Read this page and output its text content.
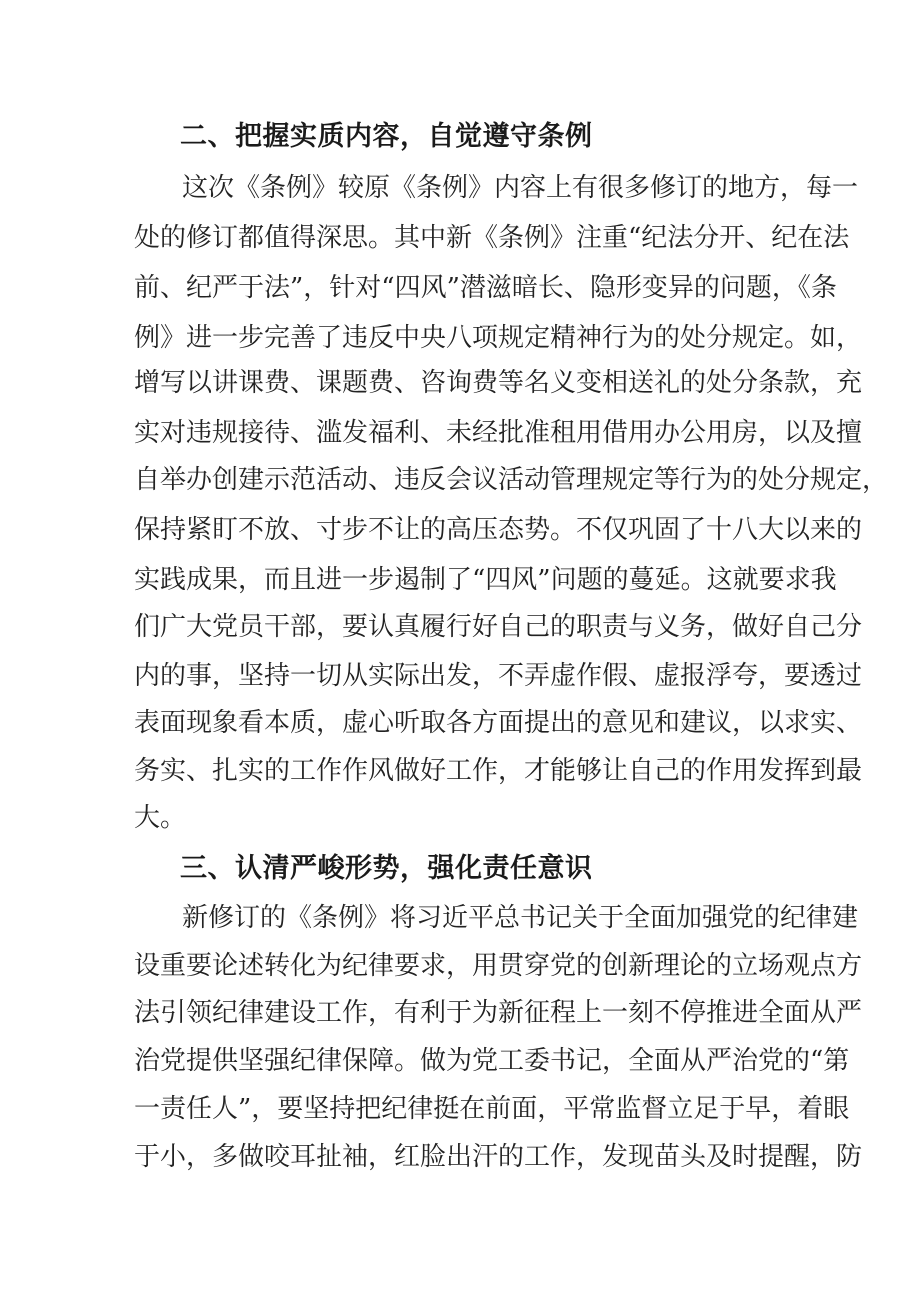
二、把握实质内容，自觉遵守条例
这次《条例》较原《条例》内容上有很多修订的地方，每一
处的修订都值得深思。其中新《条例》注重“纪法分开、纪在法
前、纪严于法”，针对“四风”潜滋暗长、隐形变异的问题，《条
例》进一步完善了违反中央八项规定精神行为的处分规定。如，
增写以讲课费、课题费、咨询费等名义变相送礼的处分条款，充
实对违规接待、滥发福利、未经批准租用借用办公用房，以及擅
自举办创建示范活动、违反会议活动管理规定等行为的处分规定，
保持紧盯不放、寸步不让的高压态势。不仅巩固了十八大以来的
实践成果，而且进一步遏制了“四风”问题的蔓延。这就要求我
们广大党员干部，要认真履行好自己的职责与义务，做好自己分
内的事，坚持一切从实际出发，不弄虚作假、虚报浮夸，要透过
表面现象看本质，虚心听取各方面提出的意见和建议，以求实、
务实、扎实的工作作风做好工作，才能够让自己的作用发挥到最
大。
三、认清严峻形势，强化责任意识
新修订的《条例》将习近平总书记关于全面加强党的纪律建
设重要论述转化为纪律要求，用贯穿党的创新理论的立场观点方
法引领纪律建设工作，有利于为新征程上一刻不停推进全面从严
治党提供坚强纪律保障。做为党工委书记，全面从严治党的“第
一责任人”，要坚持把纪律挺在前面，平常监督立足于早，着眼
于小，多做咬耳扯袖，红脸出汗的工作，发现苗头及时提醒，防
